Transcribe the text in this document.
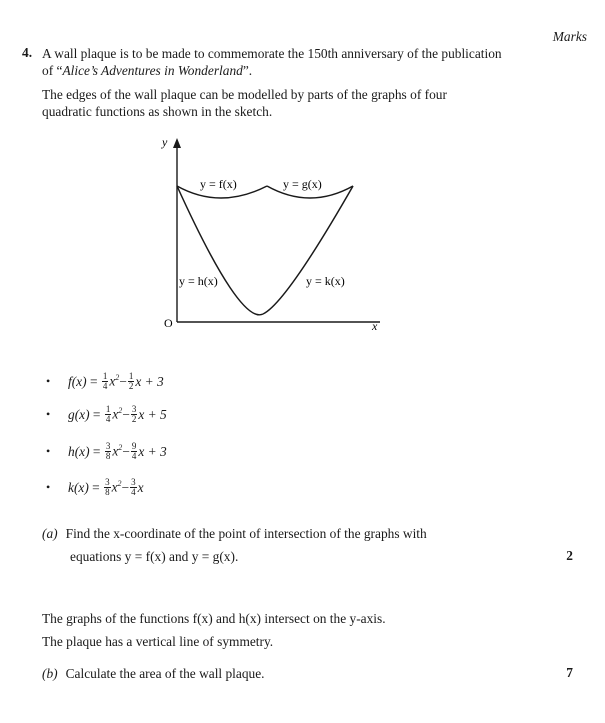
Marks
4. A wall plaque is to be made to commemorate the 150th anniversary of the publication
of “Alice’s Adventures in Wonderland”.
The edges of the wall plaque can be modelled by parts of the graphs of four
quadratic functions as shown in the sketch.
y
x
O
y = f(x)	y = g(x)
y = h(x)	y = k(x)
•	$f(x) = \frac{1}{4} x^2 - \frac{1}{2}$ x + 3
•	$g(x) = \frac{1}{4} x^2 - \frac{3}{2}$ x + 5
•	$h(x) = \frac{3}{8} x^2 - \frac{9}{4}$ x + 3
•	$k(x) = \frac{3}{8} x^2 - \frac{3}{4}$ x
(a) Find the x-coordinate of the point of intersection of the graphs with
equations y = f(x) and y = g(x).	2
The graphs of the functions f(x) and h(x) intersect on the y-axis.
The plaque has a vertical line of symmetry.
(b) Calculate the area of the wall plaque.	7
